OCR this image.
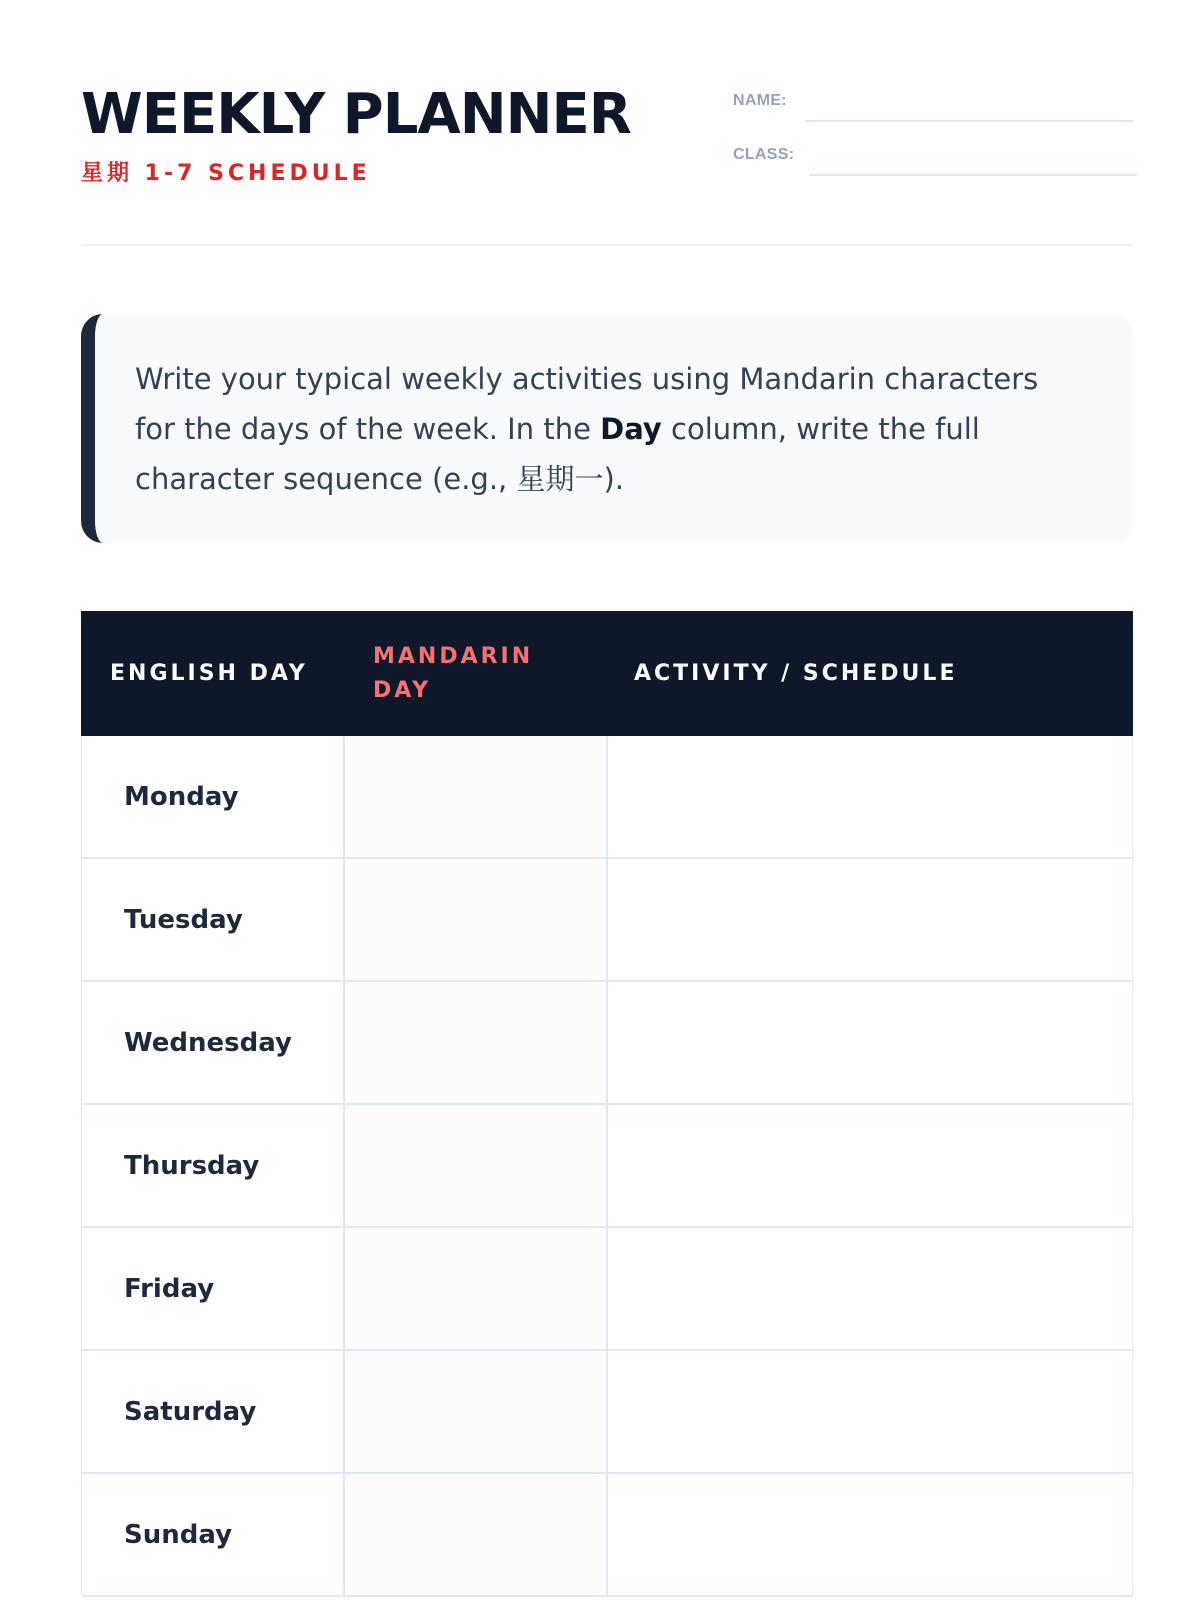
WEEKLY PLANNER
星期 1-7 SCHEDULE
NAME:
CLASS:
Write your typical weekly activities using Mandarin characters for the days of the week. In the Day column, write the full character sequence (e.g., 星期一).
ENGLISH DAY
MANDARIN DAY
ACTIVITY / SCHEDULE
Monday
Tuesday
Wednesday
Thursday
Friday
Saturday
Sunday
